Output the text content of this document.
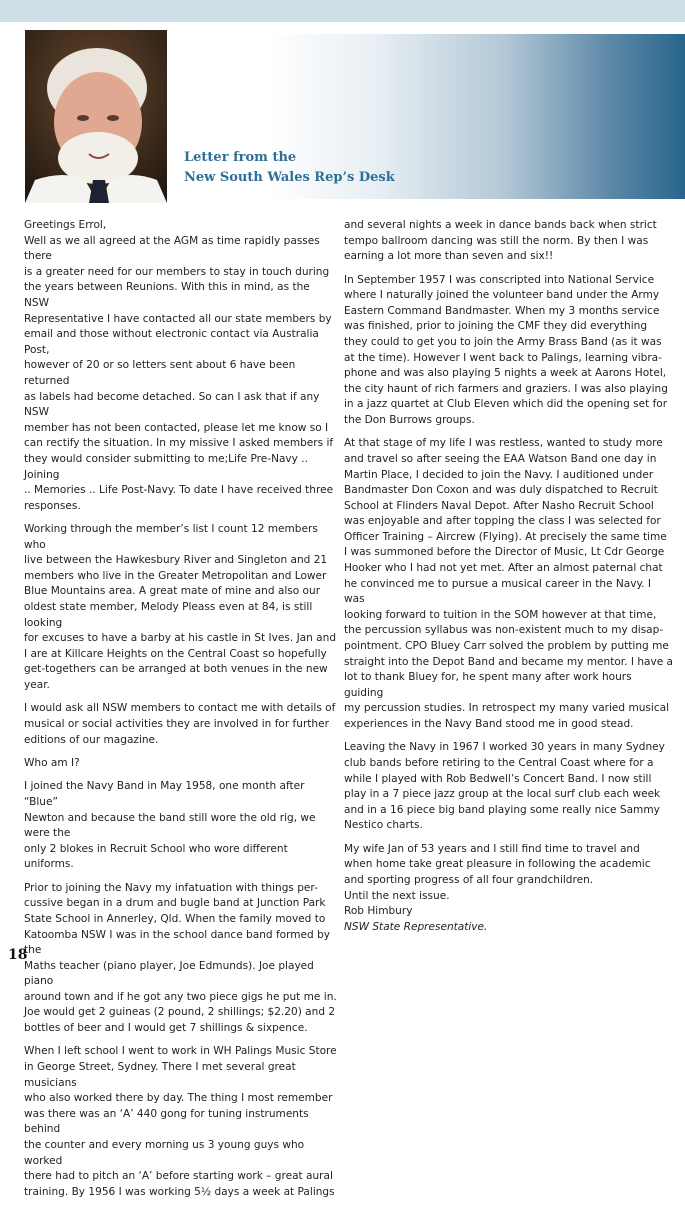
Letter from the
New South Wales Rep’s Desk

Greetings Errol,
Well as we all agreed at the AGM as time rapidly passes there
is a greater need for our members to stay in touch during
the years between Reunions. With this in mind, as the NSW
Representative I have contacted all our state members by
email and those without electronic contact via Australia Post,
however of 20 or so letters sent about 6 have been returned
as labels had become detached. So can I ask that if any NSW
member has not been contacted, please let me know so I
can rectify the situation. In my missive I asked members if
they would consider submitting to me;Life Pre-Navy .. Joining
.. Memories .. Life Post-Navy. To date I have received three
responses.

Working through the member’s list I count 12 members who
live between the Hawkesbury River and Singleton and 21
members who live in the Greater Metropolitan and Lower
Blue Mountains area. A great mate of mine and also our
oldest state member, Melody Pleass even at 84, is still looking
for excuses to have a barby at his castle in St Ives. Jan and
I are at Killcare Heights on the Central Coast so hopefully
get-togethers can be arranged at both venues in the new year.

I would ask all NSW members to contact me with details of
musical or social activities they are involved in for further
editions of our magazine.

Who am I?

I joined the Navy Band in May 1958, one month after “Blue”
Newton and because the band still wore the old rig, we were the
only 2 blokes in Recruit School who wore different uniforms.

Prior to joining the Navy my infatuation with things per-
cussive began in a drum and bugle band at Junction Park
State School in Annerley, Qld. When the family moved to
Katoomba NSW I was in the school dance band formed by the
Maths teacher (piano player, Joe Edmunds). Joe played piano
around town and if he got any two piece gigs he put me in.
Joe would get 2 guineas (2 pound, 2 shillings; $2.20) and 2
bottles of beer and I would get 7 shillings & sixpence.

When I left school I went to work in WH Palings Music Store
in George Street, Sydney. There I met several great musicians
who also worked there by day. The thing I most remember
was there was an ‘A’ 440 gong for tuning instruments behind
the counter and every morning us 3 young guys who worked
there had to pitch an ‘A’ before starting work – great aural
training. By 1956 I was working 5½ days a week at Palings

and several nights a week in dance bands back when strict
tempo ballroom dancing was still the norm. By then I was
earning a lot more than seven and six!!

In September 1957 I was conscripted into National Service
where I naturally joined the volunteer band under the Army
Eastern Command Bandmaster. When my 3 months service
was finished, prior to joining the CMF they did everything
they could to get you to join the Army Brass Band (as it was
at the time). However I went back to Palings, learning vibra-
phone and was also playing 5 nights a week at Aarons Hotel,
the city haunt of rich farmers and graziers. I was also playing
in a jazz quartet at Club Eleven which did the opening set for
the Don Burrows groups.

At that stage of my life I was restless, wanted to study more
and travel so after seeing the EAA Watson Band one day in
Martin Place, I decided to join the Navy. I auditioned under
Bandmaster Don Coxon and was duly dispatched to Recruit
School at Flinders Naval Depot. After Nasho Recruit School
was enjoyable and after topping the class I was selected for
Officer Training – Aircrew (Flying). At precisely the same time
I was summoned before the Director of Music, Lt Cdr George
Hooker who I had not yet met. After an almost paternal chat
he convinced me to pursue a musical career in the Navy. I was
looking forward to tuition in the SOM however at that time,
the percussion syllabus was non-existent much to my disap-
pointment. CPO Bluey Carr solved the problem by putting me
straight into the Depot Band and became my mentor. I have a
lot to thank Bluey for, he spent many after work hours guiding
my percussion studies. In retrospect my many varied musical
experiences in the Navy Band stood me in good stead.

Leaving the Navy in 1967 I worked 30 years in many Sydney
club bands before retiring to the Central Coast where for a
while I played with Rob Bedwell’s Concert Band. I now still
play in a 7 piece jazz group at the local surf club each week
and in a 16 piece big band playing some really nice Sammy
Nestico charts.

My wife Jan of 53 years and I still find time to travel and
when home take great pleasure in following the academic
and sporting progress of all four grandchildren.
Until the next issue.
Rob Himbury

NSW State Representative.

18
